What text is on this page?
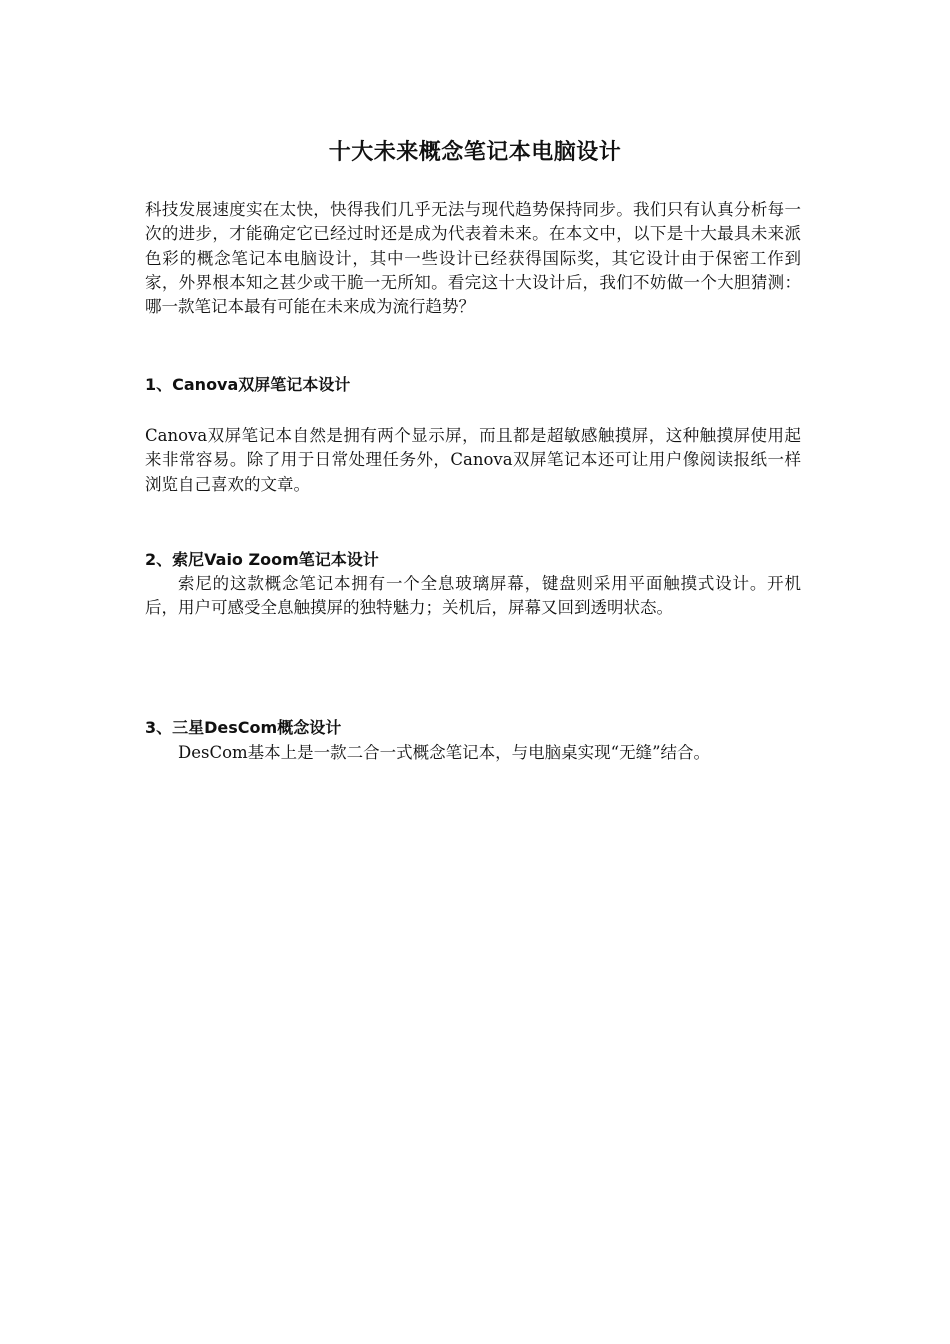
十大未来概念笔记本电脑设计

科技发展速度实在太快，快得我们几乎无法与现代趋势保持同步。我们只有认真分析每一次的进步，才能确定它已经过时还是成为代表着未来。在本文中，以下是十大最具未来派色彩的概念笔记本电脑设计，其中一些设计已经获得国际奖，其它设计由于保密工作到家，外界根本知之甚少或干脆一无所知。看完这十大设计后，我们不妨做一个大胆猜测：哪一款笔记本最有可能在未来成为流行趋势？

1、Canova双屏笔记本设计

Canova双屏笔记本自然是拥有两个显示屏，而且都是超敏感触摸屏，这种触摸屏使用起来非常容易。除了用于日常处理任务外，Canova双屏笔记本还可让用户像阅读报纸一样浏览自己喜欢的文章。

2、索尼Vaio Zoom笔记本设计

索尼的这款概念笔记本拥有一个全息玻璃屏幕，键盘则采用平面触摸式设计。开机后，用户可感受全息触摸屏的独特魅力；关机后，屏幕又回到透明状态。

3、三星DesCom概念设计

DesCom基本上是一款二合一式概念笔记本，与电脑桌实现“无缝”结合。
